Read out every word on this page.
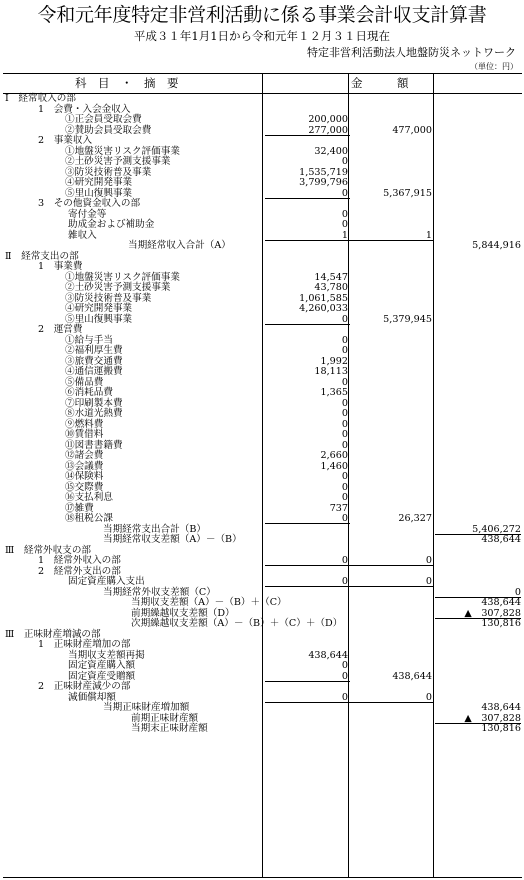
令和元年度特定非営利活動に係る事業会計収支計算書
平成３１年1月1日から令和元年１２月３１日現在
特定非営利活動法人地盤防災ネットワーク
（単位：円）
科　目　・　摘　要	金　　　額
Ⅰ　経常収入の部
1　会費・入会金収入
①正会員受取会費	200,000
②賛助会員受取会費	277,000	477,000
2　事業収入
①地盤災害リスク評価事業	32,400
②土砂災害予測支援事業	0
③防災技術普及事業	1,535,719
④研究開発事業	3,799,796
⑤里山復興事業	0	5,367,915
3　その他資金収入の部
寄付金等	0
助成金および補助金	0
雑収入	1	1
当期経常収入合計（A）	5,844,916
Ⅱ　経常支出の部
1　事業費
①地盤災害リスク評価事業	14,547
②土砂災害予測支援事業	43,780
③防災技術普及事業	1,061,585
④研究開発事業	4,260,033
⑤里山復興事業	0	5,379,945
2　運営費
①給与手当	0
②福利厚生費	0
③旅費交通費	1,992
④通信運搬費	18,113
⑤備品費	0
⑥消耗品費	1,365
⑦印刷製本費	0
⑧水道光熱費	0
⑨燃料費	0
⑩賃借料	0
⑪図書書籍費	0
⑫諸会費	2,660
⑬会議費	1,460
⑭保険料	0
⑮交際費	0
⑯支払利息	0
⑰雑費	737
⑱租税公課	0	26,327
当期経常支出合計（B）	5,406,272
当期経常収支差額（A）－（B）	438,644
Ⅲ　経常外収支の部
1　経常外収入の部	0	0
2　経常外支出の部
固定資産購入支出	0	0
当期経常外収支差額（C）	0
当期収支差額（A）－（B）＋（C）	438,644
前期繰越収支差額（D）	▲　307,828
次期繰越収支差額（A）－（B）＋（C）＋（D）	130,816
Ⅲ　正味財産増減の部
1　正味財産増加の部
当期収支差額再掲	438,644
固定資産購入額	0
固定資産受贈額	0	438,644
2　正味財産減少の部
減価償却額	0	0
当期正味財産増加額	438,644
前期正味財産額	▲　307,828
当期末正味財産額	130,816
